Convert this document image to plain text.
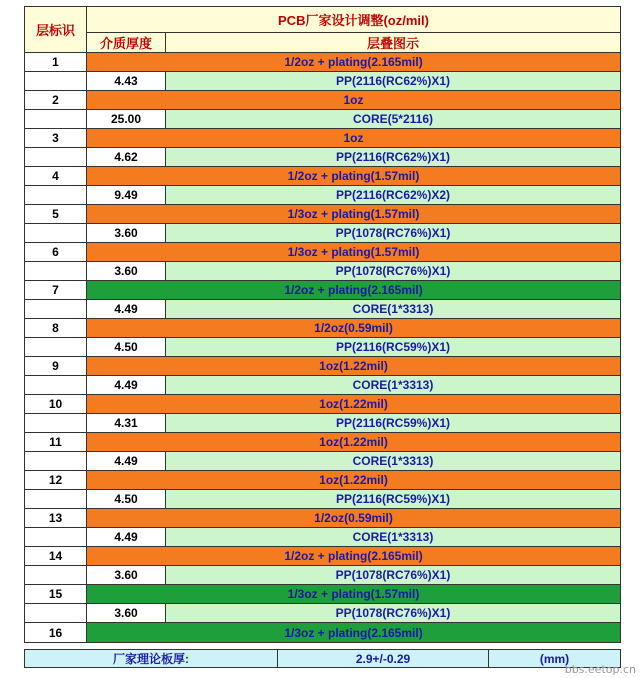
层标识
PCB厂家设计调整(oz/mil)
介质厚度	层叠图示
1	1/2oz + plating(2.165mil)
4.43	PP(2116(RC62%)X1)
2	1oz
25.00	CORE(5*2116)
3	1oz
4.62	PP(2116(RC62%)X1)
4	1/2oz + plating(1.57mil)
9.49	PP(2116(RC62%)X2)
5	1/3oz + plating(1.57mil)
3.60	PP(1078(RC76%)X1)
6	1/3oz + plating(1.57mil)
3.60	PP(1078(RC76%)X1)
7	1/2oz + plating(2.165mil)
4.49	CORE(1*3313)
8	1/2oz(0.59mil)
4.50	PP(2116(RC59%)X1)
9	1oz(1.22mil)
4.49	CORE(1*3313)
10	1oz(1.22mil)
4.31	PP(2116(RC59%)X1)
11	1oz(1.22mil)
4.49	CORE(1*3313)
12	1oz(1.22mil)
4.50	PP(2116(RC59%)X1)
13	1/2oz(0.59mil)
4.49	CORE(1*3313)
14	1/2oz + plating(2.165mil)
3.60	PP(1078(RC76%)X1)
15	1/3oz + plating(1.57mil)
3.60	PP(1078(RC76%)X1)
16	1/3oz + plating(2.165mil)
厂家理论板厚:	2.9+/-0.29	(mm)
bbs.eetop.cn
